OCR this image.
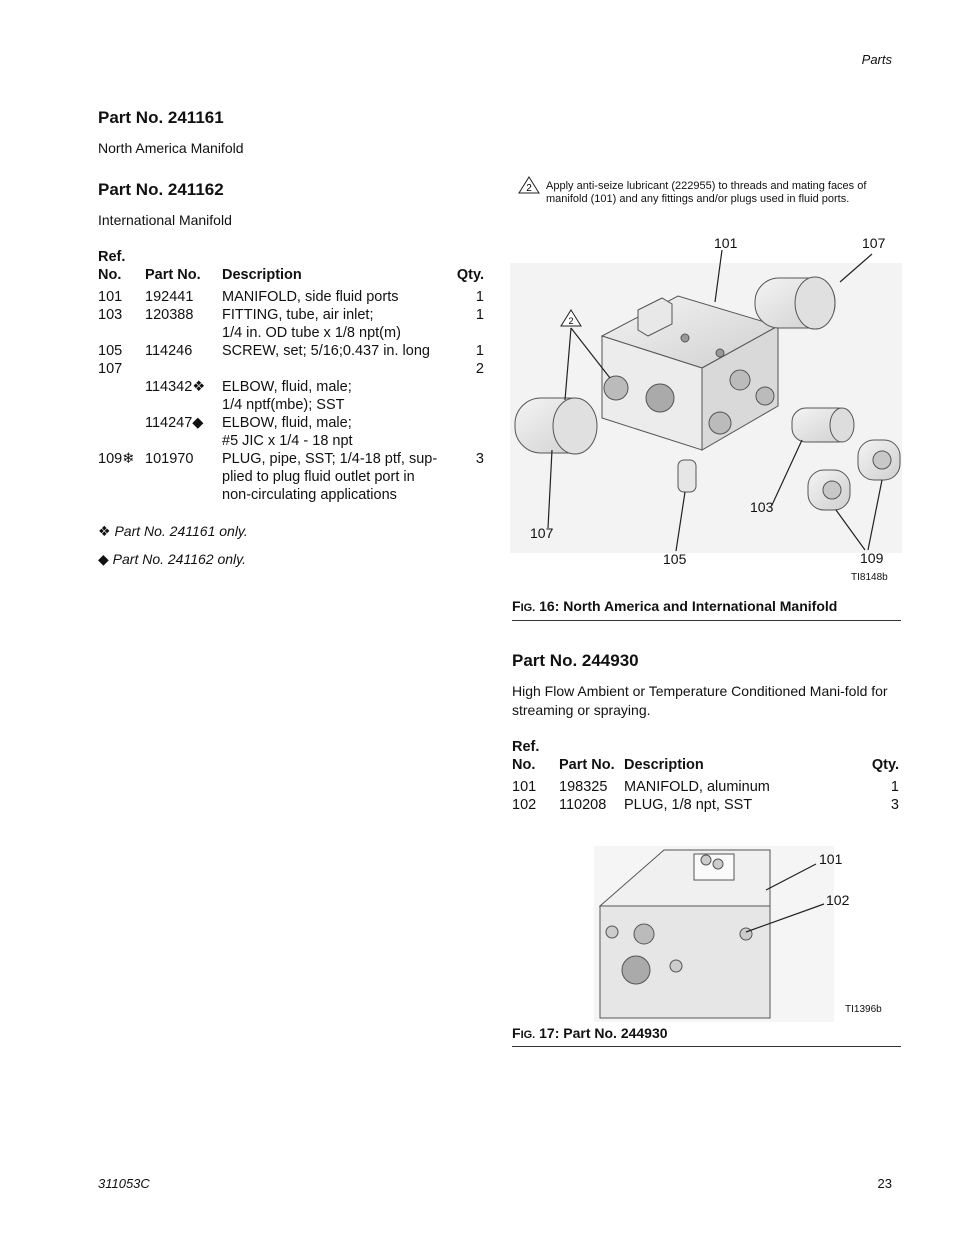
Parts
311053C	23
Part No. 241161
North America Manifold
Part No. 241162
International Manifold
Ref.			
No.	Part No.	Description	Qty.
101	192441	MANIFOLD, side fluid ports	1
103	120388	FITTING, tube, air inlet;	1
		1/4 in. OD tube x 1/8 npt(m)	
105	114246	SCREW, set; 5/16;0.437 in. long	1
107			2
	114342❖	ELBOW, fluid, male;	
		1/4 nptf(mbe); SST	
	114247◆	ELBOW, fluid, male;	
		#5 JIC x 1/4 - 18 npt	
109❄	101970	PLUG, pipe, SST; 1/4-18 ptf, sup-	3
		plied to plug fluid outlet port in	
		non-circulating applications	
❖ Part No. 241161 only.
◆ Part No. 241162 only.
2 Apply anti-seize lubricant (222955) to threads and mating faces of manifold (101) and any fittings and/or plugs used in fluid ports.
2
101	107
107
103
105	109
TI8148b
FIG. 16: North America and International Manifold
Part No. 244930
High Flow Ambient or Temperature Conditioned Mani-fold for streaming or spraying.
Ref.			
No.	Part No.	Description	Qty.
101	198325	MANIFOLD, aluminum	1
102	110208	PLUG, 1/8 npt, SST	3
101
102
TI1396b
FIG. 17: Part No. 244930
